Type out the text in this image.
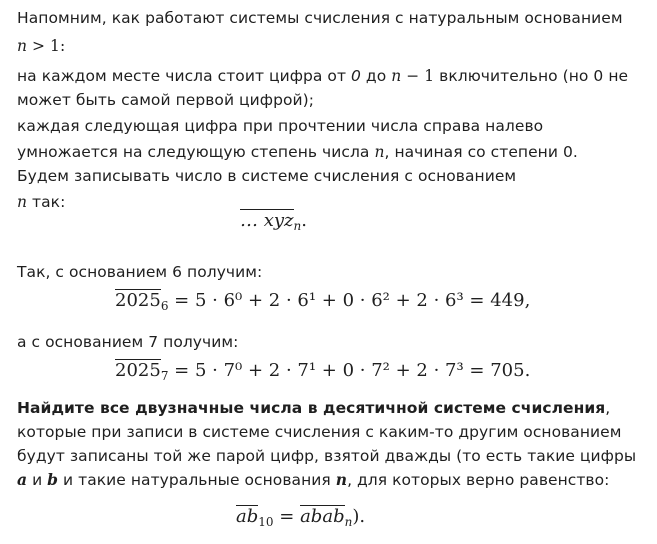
Напомним, как работают системы счисления с натуральным основанием
n > 1:
на каждом месте числа стоит цифра от 0 до n − 1 включительно (но 0 не
может быть самой первой цифрой);
каждая следующая цифра при прочтении числа справа налево
умножается на следующую степень числа n, начиная со степени 0.
Будем записывать число в системе счисления с основанием
n так:
… xyz$_n$.
Так, с основанием 6 получим:
$2025_6 = 5 \cdot 6^0 + 2 \cdot 6^1 + 0 \cdot 6^2 + 2 \cdot 6^3 = 449$,
а с основанием 7 получим:
$2025_7 = 5 \cdot 7^0 + 2 \cdot 7^1 + 0 \cdot 7^2 + 2 \cdot 7^3 = 705$.
Найдите все двузначные числа в десятичной системе счисления,
которые при записи в системе счисления с каким-то другим основанием
будут записаны той же парой цифр, взятой дважды (то есть такие цифры
a и b и такие натуральные основания n, для которых верно равенство:
$ab_{10}$ = abab$_n$).
